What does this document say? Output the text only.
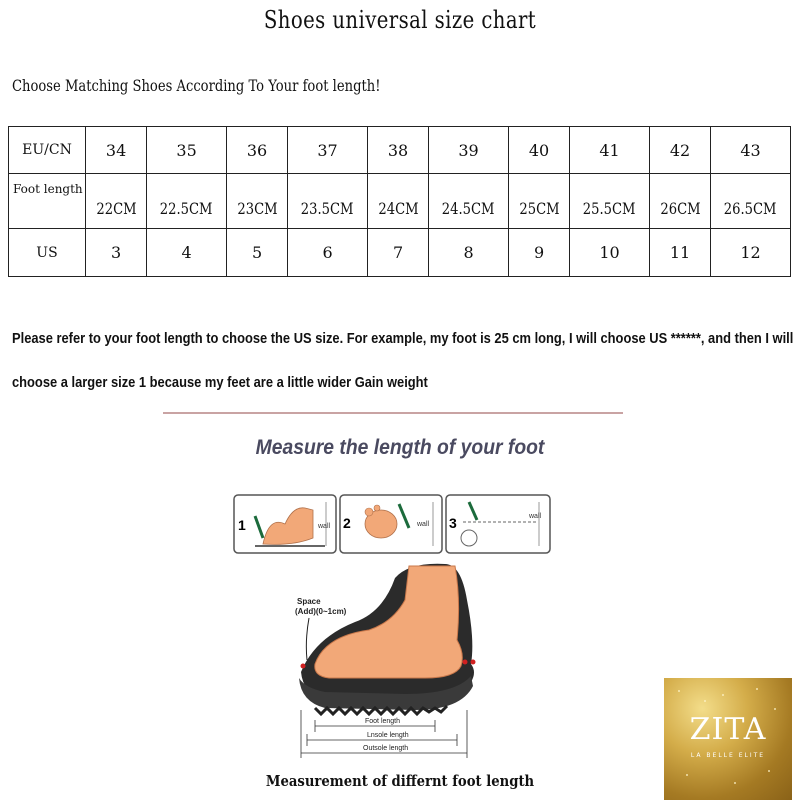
Shoes universal size chart
Choose Matching Shoes According To Your foot length!
EU/CN	34	35	36	37	38	39	40	41	42	43
Foot length	22CM	22.5CM	23CM	23.5CM	24CM	24.5CM	25CM	25.5CM	26CM	26.5CM
US	3	4	5	6	7	8	9	10	11	12
Please refer to your foot length to choose the US size. For example, my foot is 25 cm long, I will choose US ******, and then I will
choose a larger size 1 because my feet are a little wider Gain weight
Measure the length of your foot
1	wall 2	wall 3	wall
Space
(Add)(0~1cm)
Foot length
Lnsole length
Outsole length
Measurement of differnt foot length
ZITA
LA BELLE ELITE
